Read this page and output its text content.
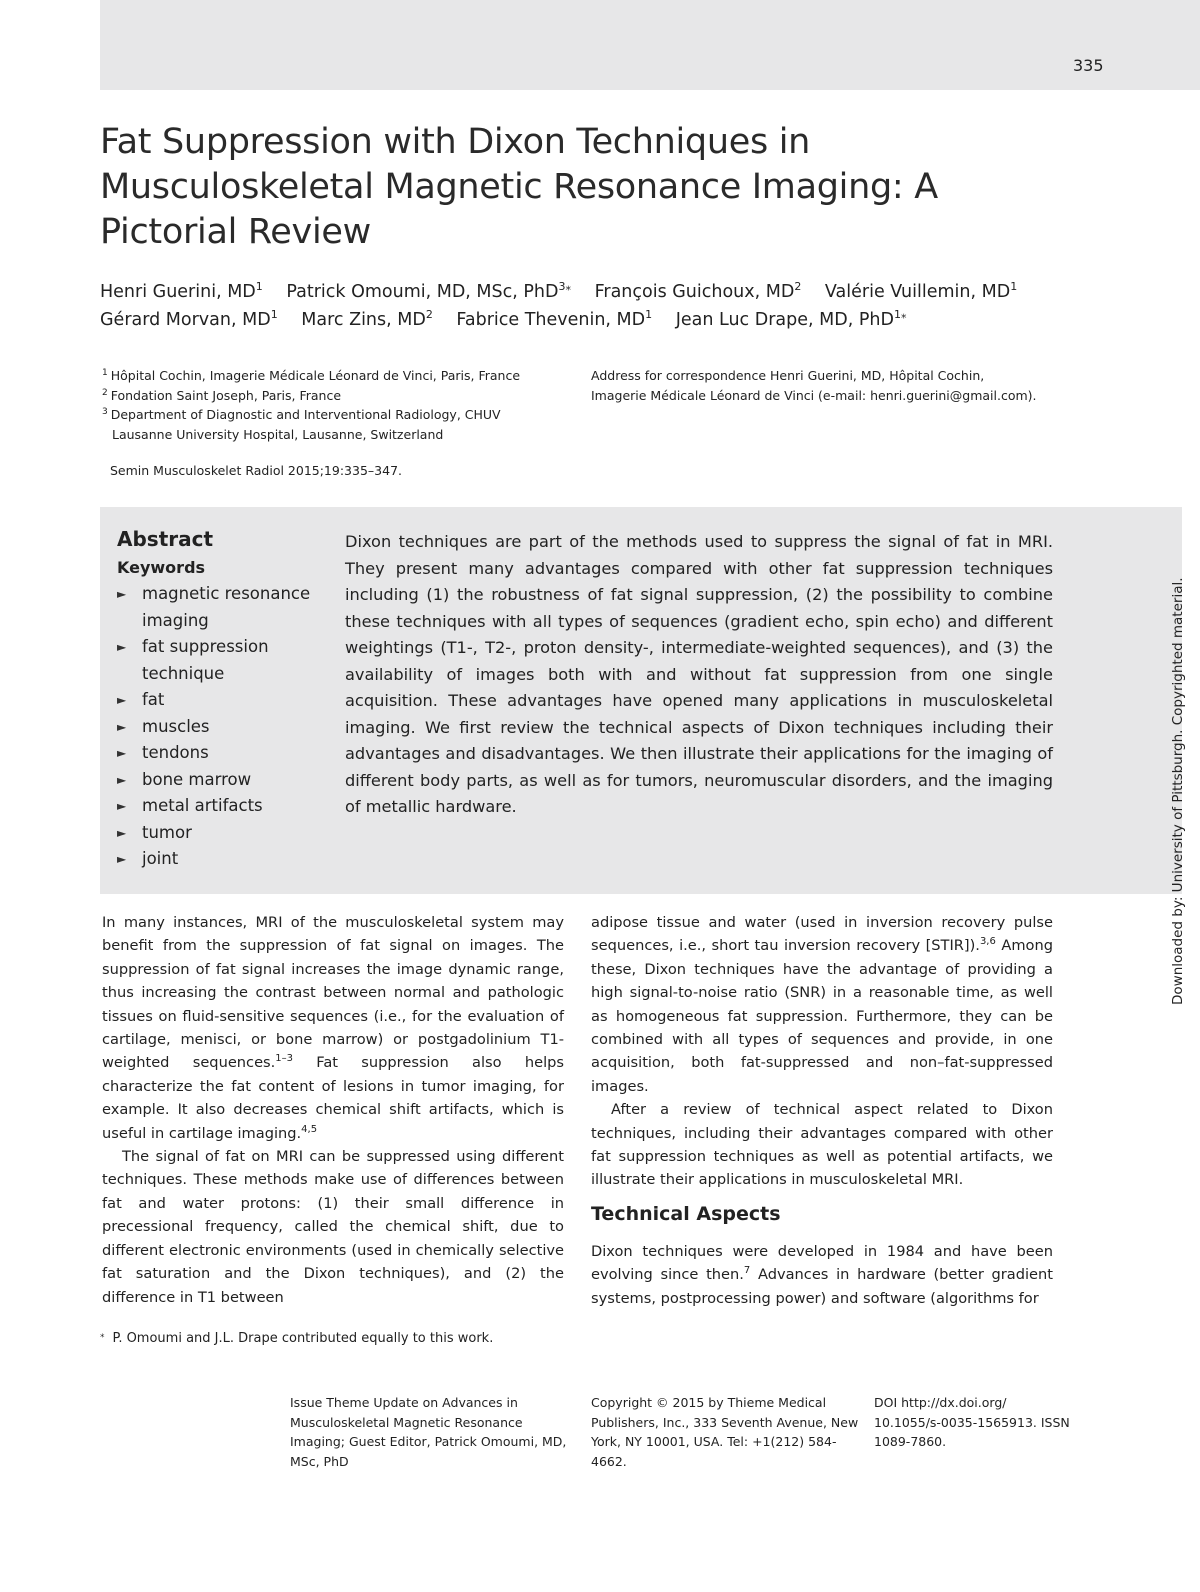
335
Fat Suppression with Dixon Techniques in Musculoskeletal Magnetic Resonance Imaging: A Pictorial Review
Henri Guerini, $MD^1$ Patrick Omoumi, MD, MSc, PhD$^{3⁎}$ François Guichoux, $MD^2$ Valérie Vuillemin, $MD^1$
Gérard Morvan, $MD^1$ Marc Zins, $MD^2$ Fabrice Thevenin, $MD^1$ Jean Luc Drape, MD, PhD$^{1⁎}$
$^1$ Hôpital Cochin, Imagerie Médicale Léonard de Vinci, Paris, France
$^2$ Fondation Saint Joseph, Paris, France
$^3$ Department of Diagnostic and Interventional Radiology, CHUV
Lausanne University Hospital, Lausanne, Switzerland
Address for correspondence Henri Guerini, MD, Hôpital Cochin,
Imagerie Médicale Léonard de Vinci (e-mail: henri.guerini@gmail.com).
Semin Musculoskelet Radiol 2015;19:335–347.
Abstract
Keywords
► magnetic resonance imaging
► fat suppression technique
► fat
► muscles
► tendons
► bone marrow
► metal artifacts
► tumor
► joint

Dixon techniques are part of the methods used to suppress the signal of fat in MRI. They present many advantages compared with other fat suppression techniques including (1) the robustness of fat signal suppression, (2) the possibility to combine these techniques with all types of sequences (gradient echo, spin echo) and different weightings (T1-, T2-, proton density-, intermediate-weighted sequences), and (3) the availability of images both with and without fat suppression from one single acquisition. These advantages have opened many applications in musculoskeletal imaging. We first review the technical aspects of Dixon techniques including their advantages and disadvantages. We then illustrate their applications for the imaging of different body parts, as well as for tumors, neuromuscular disorders, and the imaging of metallic hardware.

In many instances, MRI of the musculoskeletal system may benefit from the suppression of fat signal on images. The suppression of fat signal increases the image dynamic range, thus increasing the contrast between normal and pathologic tissues on fluid-sensitive sequences (i.e., for the evaluation of cartilage, menisci, or bone marrow) or postgadolinium T1-weighted sequences.$^{1-3}$ Fat suppression also helps characterize the fat content of lesions in tumor imaging, for example. It also decreases chemical shift artifacts, which is useful in cartilage imaging.$^{4,5}$

The signal of fat on MRI can be suppressed using different techniques. These methods make use of differences between fat and water protons: (1) their small difference in precessional frequency, called the chemical shift, due to different electronic environments (used in chemically selective fat saturation and the Dixon techniques), and (2) the difference in T1 between

adipose tissue and water (used in inversion recovery pulse sequences, i.e., short tau inversion recovery [STIR]).$^{3,6}$ Among these, Dixon techniques have the advantage of providing a high signal-to-noise ratio (SNR) in a reasonable time, as well as homogeneous fat suppression. Furthermore, they can be combined with all types of sequences and provide, in one acquisition, both fat-suppressed and non–fat-suppressed images.

After a review of technical aspect related to Dixon techniques, including their advantages compared with other fat suppression techniques as well as potential artifacts, we illustrate their applications in musculoskeletal MRI.

Technical Aspects

Dixon techniques were developed in 1984 and have been evolving since then.$^7$ Advances in hardware (better gradient systems, postprocessing power) and software (algorithms for

⁎ P. Omoumi and J.L. Drape contributed equally to this work.
Issue Theme Update on Advances in Musculoskeletal Magnetic Resonance Imaging; Guest Editor, Patrick Omoumi, MD, MSc, PhD
Copyright © 2015 by Thieme Medical Publishers, Inc., 333 Seventh Avenue, New York, NY 10001, USA. Tel: +1(212) 584-4662.
DOI http://dx.doi.org/ 10.1055/s-0035-1565913. ISSN 1089-7860.
Downloaded by: University of Pittsburgh. Copyrighted material.
